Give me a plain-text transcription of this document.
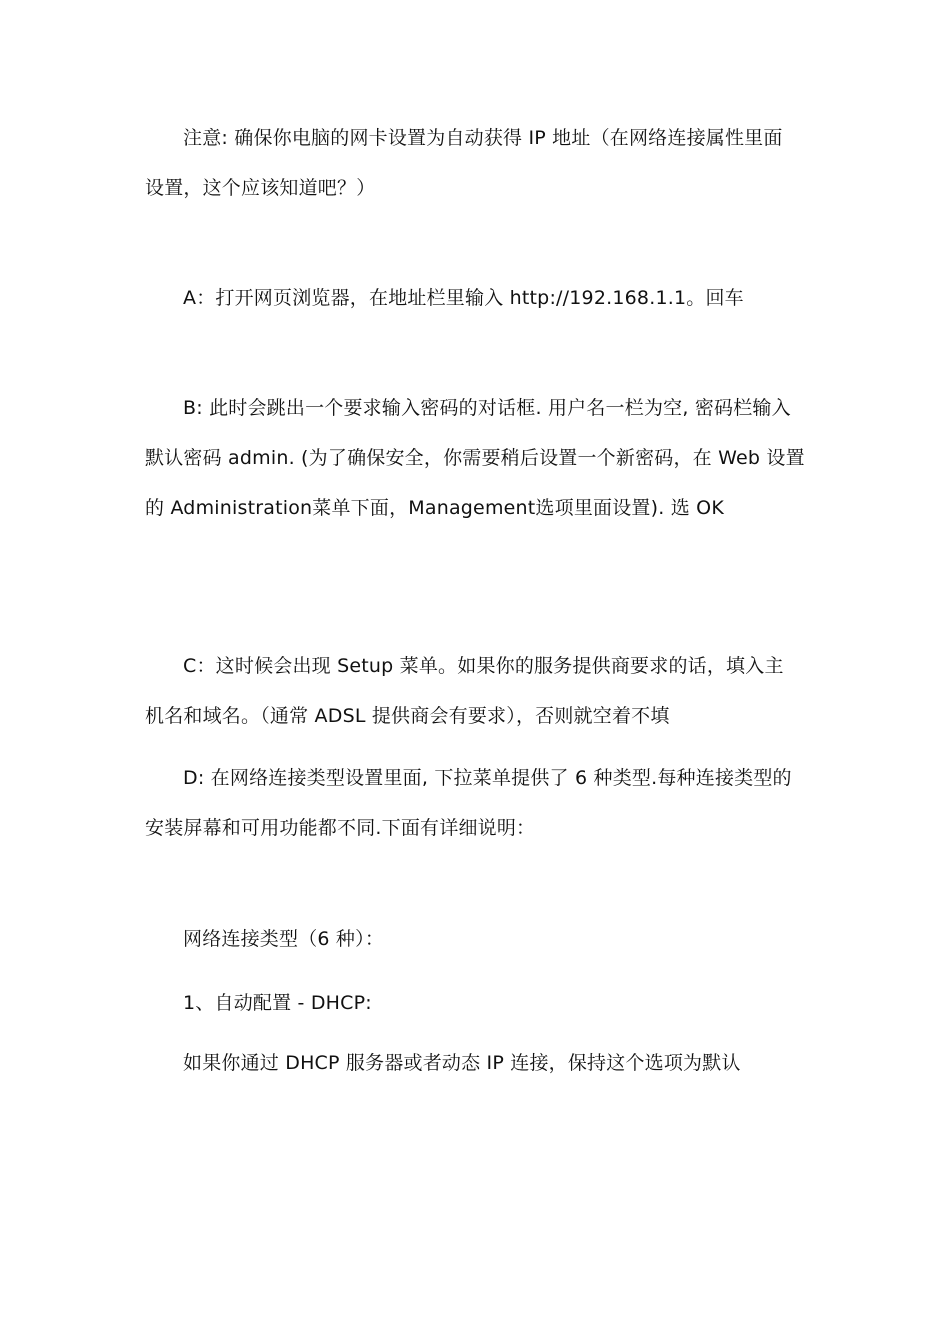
注意: 确保你电脑的网卡设置为自动获得 IP 地址（在网络连接属性里面
设置，这个应该知道吧？）
A：打开网页浏览器，在地址栏里输入 http://192.168.1.1。回车
B: 此时会跳出一个要求输入密码的对话框. 用户名一栏为空, 密码栏输入
默认密码 admin. (为了确保安全，你需要稍后设置一个新密码，在 Web 设置
的 Administration菜单下面，Management选项里面设置). 选 OK
C：这时候会出现 Setup 菜单。如果你的服务提供商要求的话，填入主
机名和域名。（通常 ADSL 提供商会有要求），否则就空着不填
D: 在网络连接类型设置里面, 下拉菜单提供了 6 种类型.每种连接类型的
安装屏幕和可用功能都不同.下面有详细说明：
网络连接类型（6 种）：
1、自动配置 - DHCP:
如果你通过 DHCP 服务器或者动态 IP 连接，保持这个选项为默认
